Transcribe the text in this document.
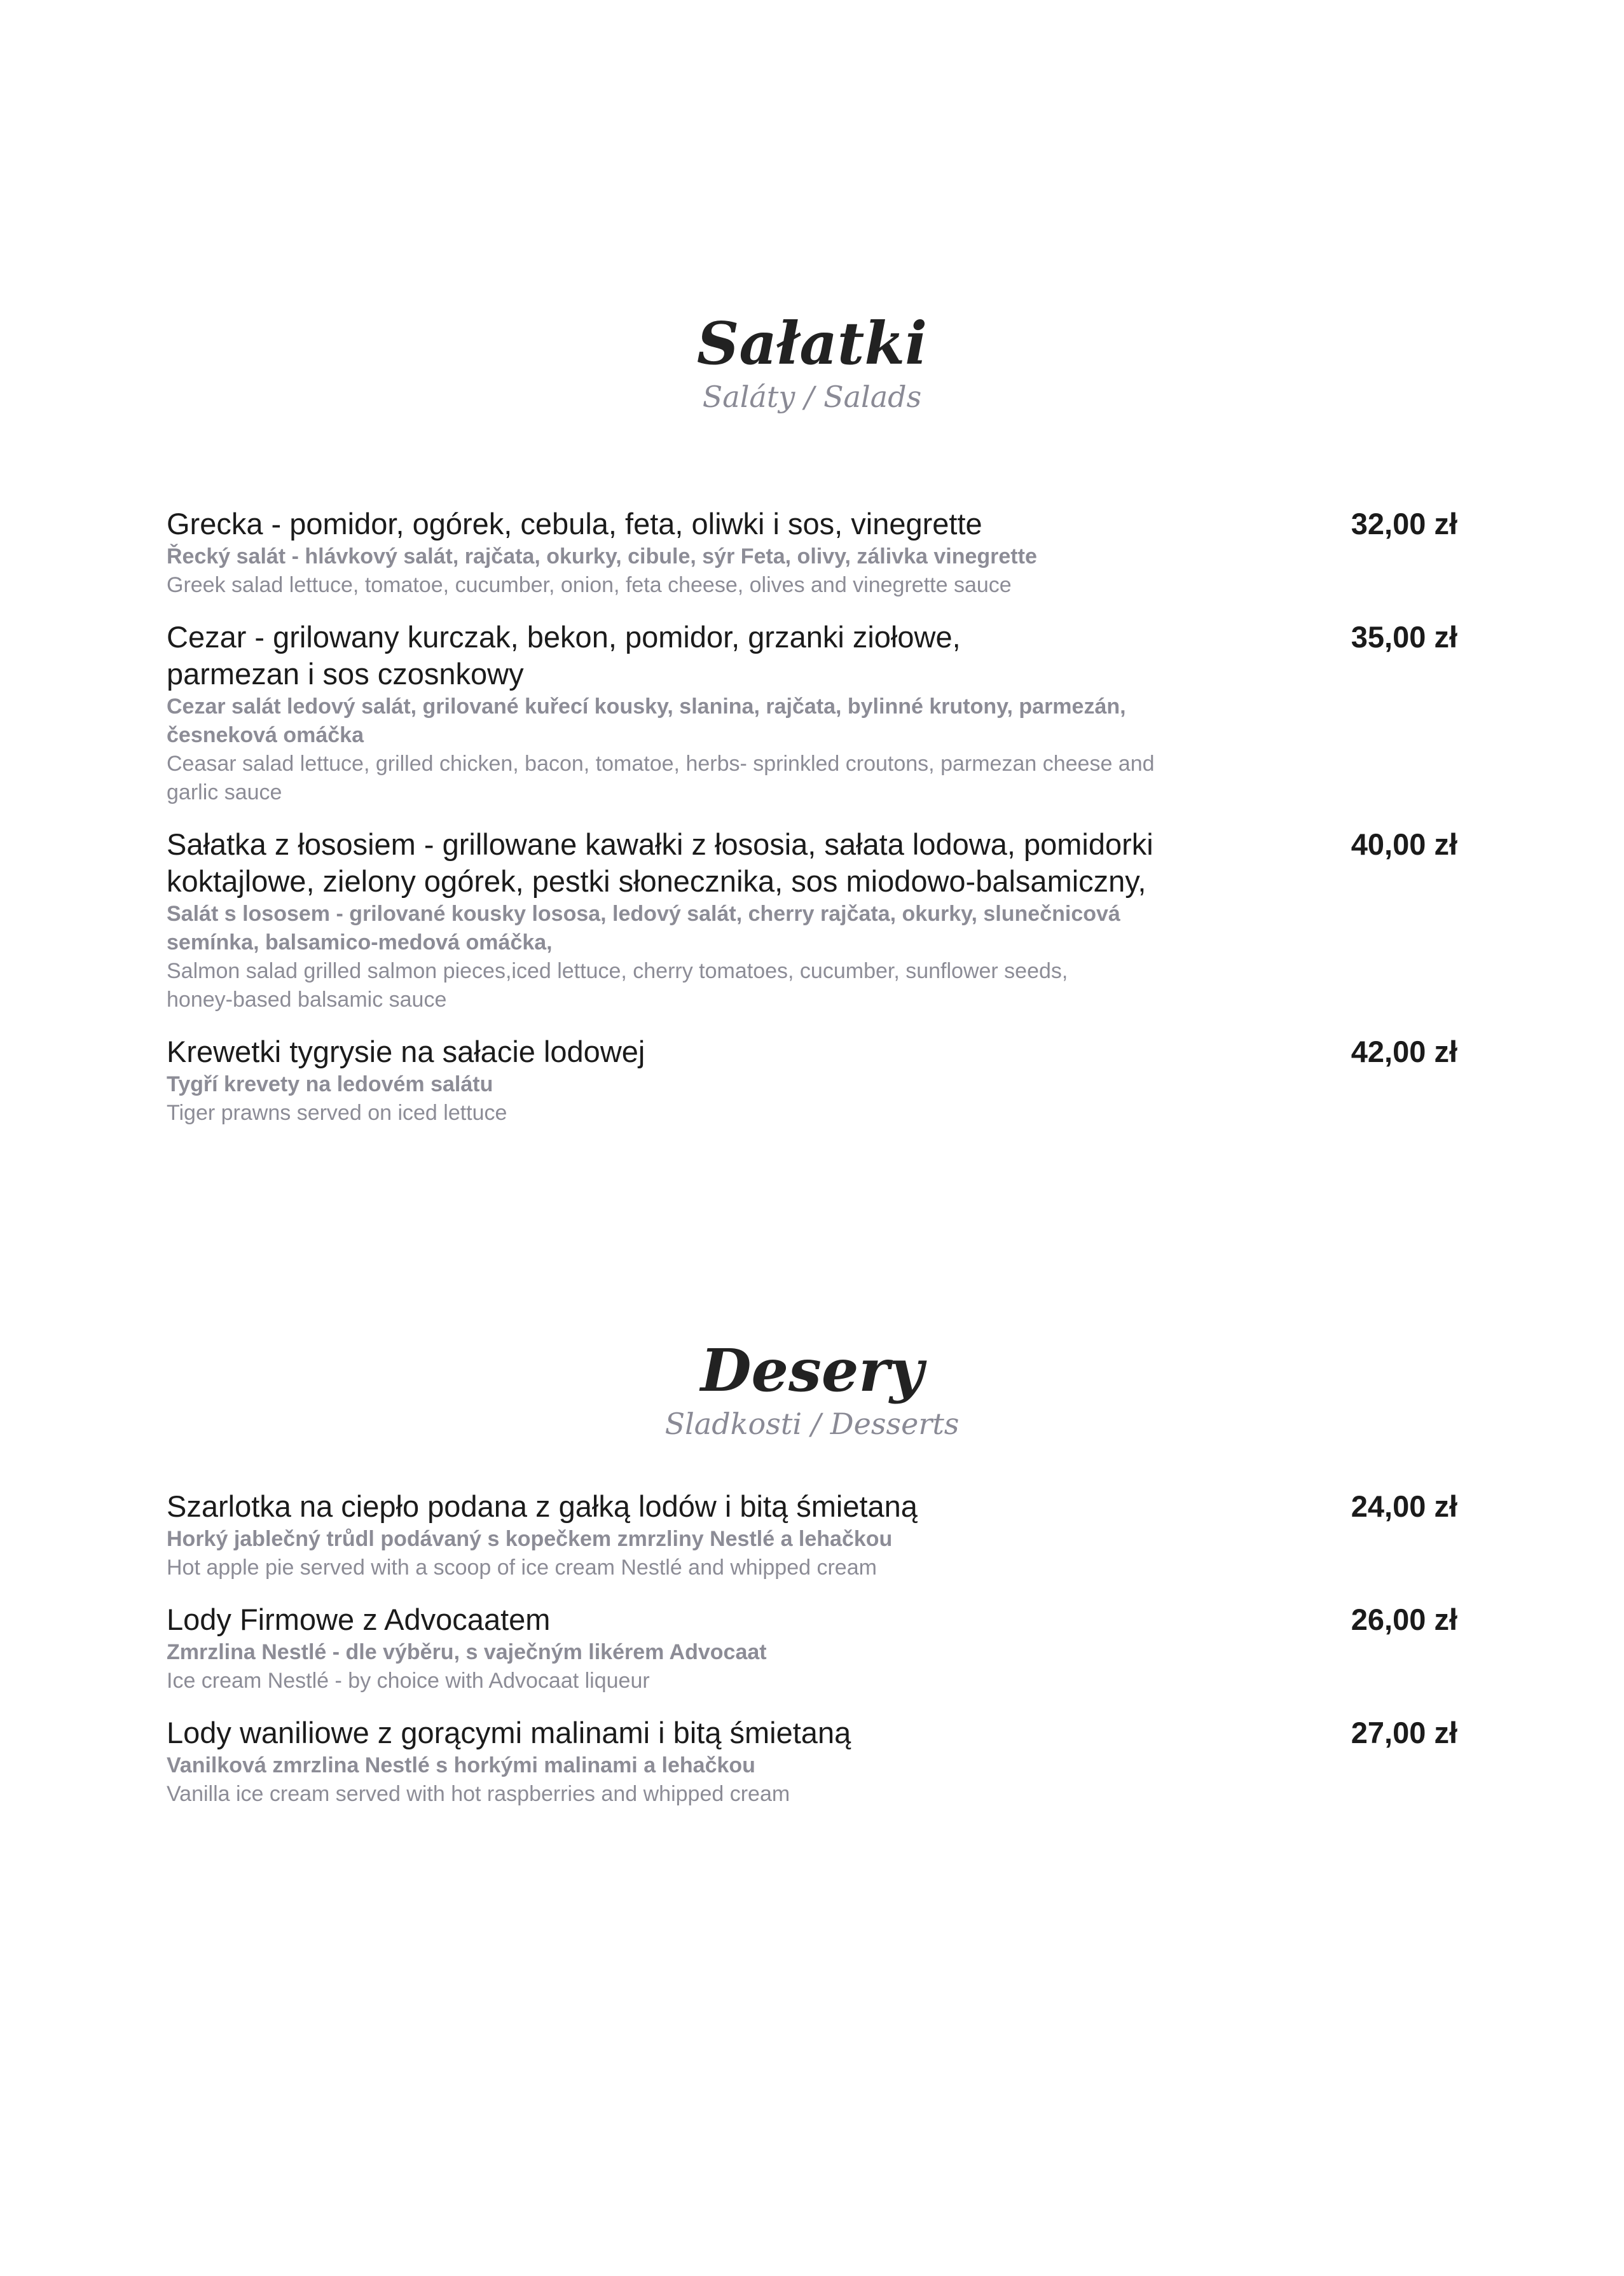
Sałatki
Saláty / Salads

Grecka - pomidor, ogórek, cebula, feta, oliwki i sos, vinegrette

Řecký salát - hlávkový salát, rajčata, okurky, cibule, sýr Feta, olivy, zálivka vinegrette

Greek salad lettuce, tomatoe, cucumber, onion, feta cheese, olives and vinegrette sauce

32,00 zł

Cezar - grilowany kurczak, bekon, pomidor, grzanki ziołowe, parmezan i sos czosnkowy

Cezar salát ledový salát, grilované kuřecí kousky, slanina, rajčata, bylinné krutony, parmezán, česneková omáčka

Ceasar salad lettuce, grilled chicken, bacon, tomatoe, herbs- sprinkled croutons, parmezan cheese and garlic sauce

35,00 zł

Sałatka z łososiem - grillowane kawałki z łososia, sałata lodowa, pomidorki koktajlowe, zielony ogórek, pestki słonecznika, sos miodowo-balsamiczny,

Salát s lososem - grilované kousky lososa, ledový salát, cherry rajčata, okurky, slunečnicová semínka, balsamico-medová omáčka,

Salmon salad grilled salmon pieces,iced lettuce, cherry tomatoes, cucumber, sunflower seeds, honey-based balsamic sauce

40,00 zł

Krewetki tygrysie na sałacie lodowej

Tygří krevety na ledovém salátu

Tiger prawns served on iced lettuce

42,00 zł
Desery
Sladkosti / Desserts

Szarlotka na ciepło podana z gałką lodów i bitą śmietaną

Horký jablečný trůdl podávaný s kopečkem zmrzliny Nestlé a lehačkou

Hot apple pie served with a scoop of ice cream Nestlé and whipped cream

24,00 zł

Lody Firmowe z Advocaatem

Zmrzlina Nestlé - dle výběru, s vaječným likérem Advocaat

Ice cream Nestlé - by choice with Advocaat liqueur

26,00 zł

Lody waniliowe z gorącymi malinami i bitą śmietaną

Vanilková zmrzlina Nestlé s horkými malinami a lehačkou

Vanilla ice cream served with hot raspberries and whipped cream

27,00 zł
